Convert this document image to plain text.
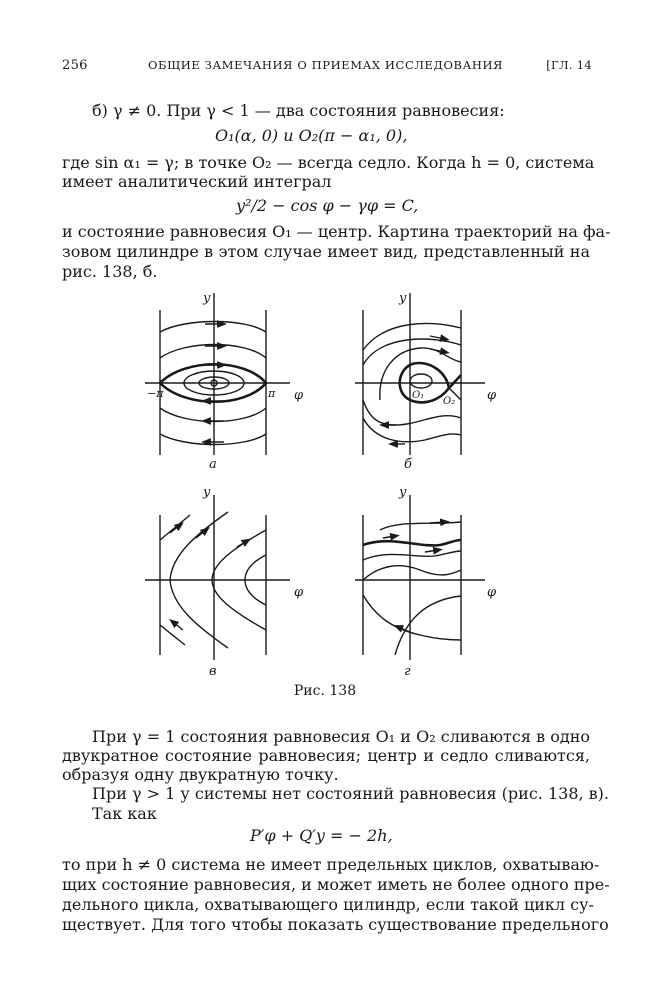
256	ОБЩИЕ ЗАМЕЧАНИЯ О ПРИЕМАХ ИССЛЕДОВАНИЯ	[ГЛ. 14
б) γ ≠ 0. При γ < 1 — два состояния равновесия:
O₁(α, 0) и O₂(π − α₁, 0),
где sin α₁ = γ; в точке O₂ — всегда седло. Когда h = 0, система
имеет аналитический интеграл
y²/2 − cos φ − γφ = C,
и состояние равновесия O₁ — центр. Картина траекторий на фа-
зовом цилиндре в этом случае имеет вид, представленный на
рис. 138, б.
y
φ
−π	π
а
y
φ
O₁
O₂
б
y
φ
в
y
φ
г
Рис. 138
При γ = 1 состояния равновесия O₁ и O₂ сливаются в одно
двукратное состояние равновесия; центр и седло сливаются,
образуя одну двукратную точку.
При γ > 1 у системы нет состояний равновесия (рис. 138, в).
Так как
P′φ + Q′y = − 2h,
то при h ≠ 0 система не имеет предельных циклов, охватываю-
щих состояние равновесия, и может иметь не более одного пре-
дельного цикла, охватывающего цилиндр, если такой цикл су-
ществует. Для того чтобы показать существование предельного
